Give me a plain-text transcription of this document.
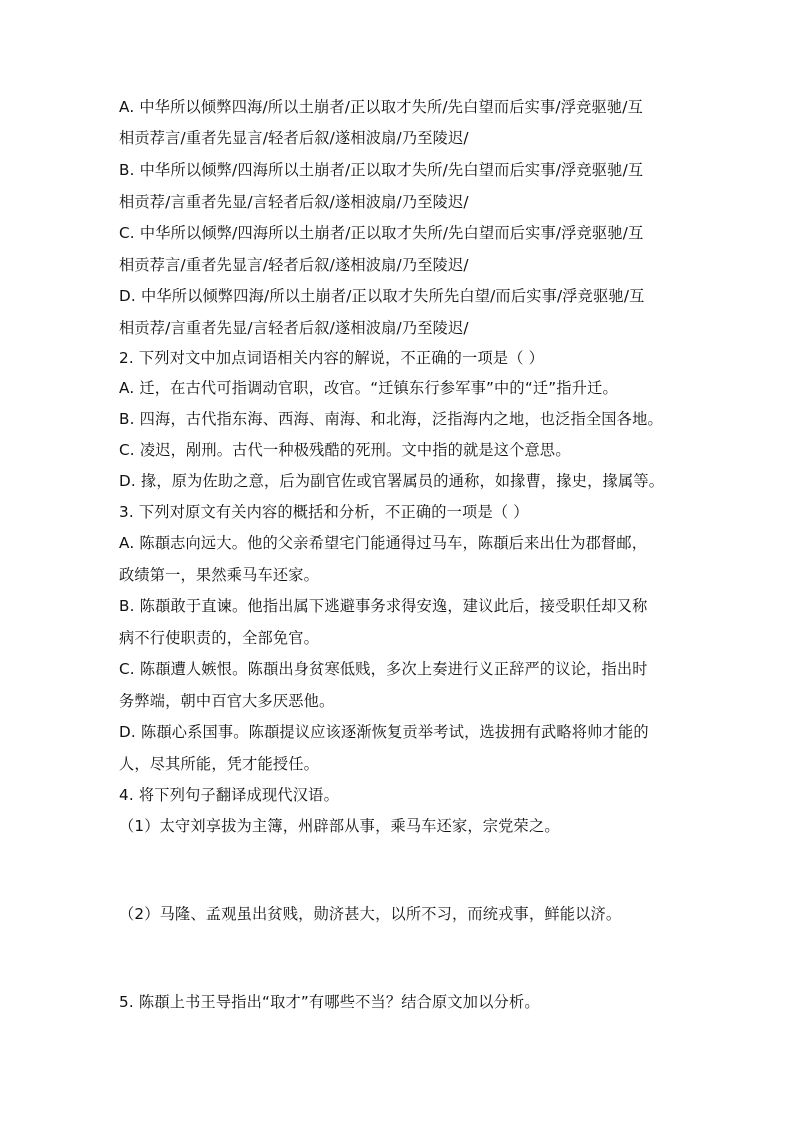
A. 中华所以倾弊四海/所以土崩者/正以取才失所/先白望而后实事/浮竞驱驰/互
相贡荐言/重者先显言/轻者后叙/遂相波扇/乃至陵迟/
B. 中华所以倾弊/四海所以土崩者/正以取才失所/先白望而后实事/浮竞驱驰/互
相贡荐/言重者先显/言轻者后叙/遂相波扇/乃至陵迟/
C. 中华所以倾弊/四海所以土崩者/正以取才失所/先白望而后实事/浮竞驱驰/互
相贡荐言/重者先显言/轻者后叙/遂相波扇/乃至陵迟/
D. 中华所以倾弊四海/所以土崩者/正以取才失所先白望/而后实事/浮竞驱驰/互
相贡荐/言重者先显/言轻者后叙/遂相波扇/乃至陵迟/
2. 下列对文中加点词语相关内容的解说，不正确的一项是（ ）
A. 迁，在古代可指调动官职，改官。“迁镇东行参军事”中的“迁”指升迁。
B. 四海，古代指东海、西海、南海、和北海，泛指海内之地，也泛指全国各地。
C. 凌迟，剐刑。古代一种极残酷的死刑。文中指的就是这个意思。
D. 掾，原为佐助之意，后为副官佐或官署属员的通称，如掾曹，掾史，掾属等。
3. 下列对原文有关内容的概括和分析，不正确的一项是（ ）
A. 陈頵志向远大。他的父亲希望宅门能通得过马车，陈頵后来出仕为郡督邮，
政绩第一，果然乘马车还家。
B. 陈頵敢于直谏。他指出属下逃避事务求得安逸，建议此后，接受职任却又称
病不行使职责的，全部免官。
C. 陈頵遭人嫉恨。陈頵出身贫寒低贱，多次上奏进行义正辞严的议论，指出时
务弊端，朝中百官大多厌恶他。
D. 陈頵心系国事。陈頵提议应该逐渐恢复贡举考试，选拔拥有武略将帅才能的
人，尽其所能，凭才能授任。
4. 将下列句子翻译成现代汉语。
（1）太守刘享拔为主簿，州辟部从事，乘马车还家，宗党荣之。
（2）马隆、孟观虽出贫贱，勋济甚大，以所不习，而统戎事，鲜能以济。
5. 陈頵上书王导指出“取才”有哪些不当？结合原文加以分析。
